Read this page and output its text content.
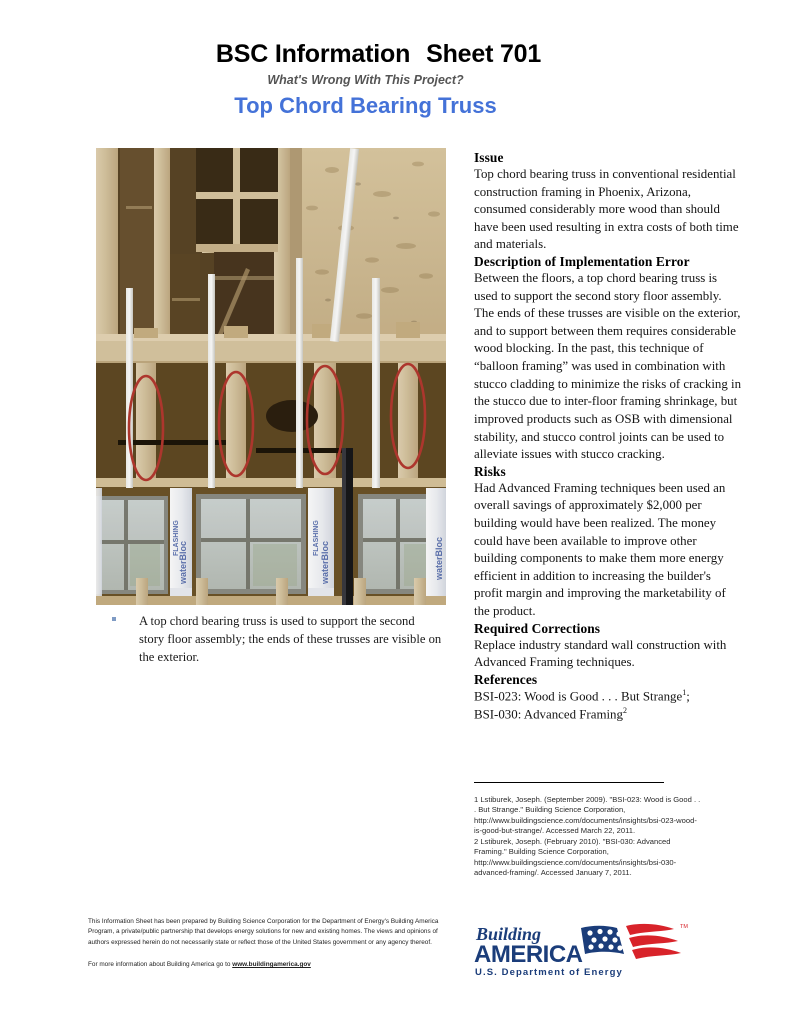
BSC Information Sheet 701
What's Wrong With This Project?
Top Chord Bearing Truss
waterBloc	waterBloc	waterBloc
FLASHING	FLASHING
A top chord bearing truss is used to support the second story floor assembly; the ends of these trusses are visible on the exterior.
Issue
Top chord bearing truss in conventional residential construction framing in Phoenix, Arizona, consumed considerably more wood than should have been used resulting in extra costs of both time and materials.
Description of Implementation Error
Between the floors, a top chord bearing truss is used to support the second story floor assembly. The ends of these trusses are visible on the exterior, and to support between them requires considerable wood blocking. In the past, this technique of “balloon framing” was used in combination with stucco cladding to minimize the risks of cracking in the stucco due to inter-floor framing shrinkage, but improved products such as OSB with dimensional stability, and stucco control joints can be used to alleviate issues with stucco cracking.
Risks
Had Advanced Framing techniques been used an overall savings of approximately $2,000 per building would have been realized. The money could have been available to improve other building components to make them more energy efficient in addition to increasing the builder's profit margin and improving the marketability of the product.
Required Corrections
Replace industry standard wall construction with Advanced Framing techniques.
References
BSI-023: Wood is Good . . . But Strange$^1$;
BSI-030: Advanced Framing$^2$

1 Lstiburek, Joseph. (September 2009). "BSI-023: Wood is Good . . . But Strange." Building Science Corporation,

http://www.buildingscience.com/documents/insights/bsi-023-wood-is-good-but-strange/. Accessed March 22, 2011.

2 Lstiburek, Joseph. (February 2010). "BSI-030: Advanced Framing." Building Science Corporation,

http://www.buildingscience.com/documents/insights/bsi-030-advanced-framing/. Accessed January 7, 2011.

This Information Sheet has been prepared by Building Science Corporation for the Department of Energy's Building America Program, a private/public partnership that develops energy solutions for new and existing homes. The views and opinions of authors expressed herein do not necessarily state or reflect those of the United States government or any agency thereof.
For more information about Building America go to www.buildingamerica.gov
Building
AMERICA
TM
U.S. Department of Energy
